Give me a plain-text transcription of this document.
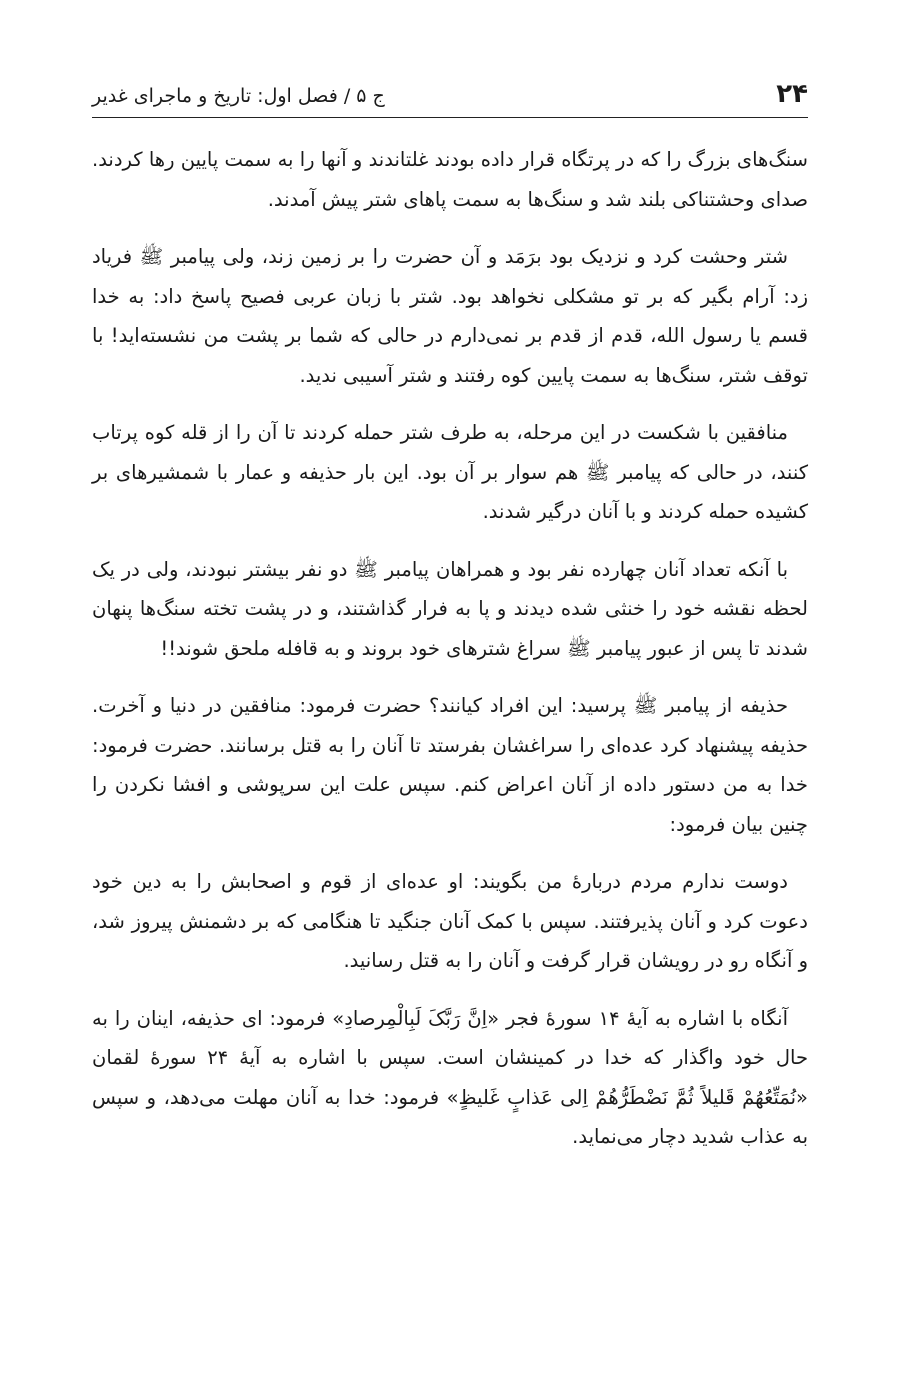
۲۴
ج ۵ / فصل اول: تاریخ و ماجرای غدیر

سنگ‌های بزرگ را که در پرتگاه قرار داده بودند غلتاندند و آنها را به سمت پایین رها کردند. صدای وحشتناکی بلند شد و سنگ‌ها به سمت پاهای شتر پیش آمدند.

شتر وحشت کرد و نزدیک بود برَمَد و آن حضرت را بر زمین زند، ولی پیامبر ﷺ فریاد زد: آرام بگیر که بر تو مشکلی نخواهد بود. شتر با زبان عربی فصیح پاسخ داد: به خدا قسم یا رسول الله، قدم از قدم بر نمی‌دارم در حالی که شما بر پشت من نشسته‌اید! با توقف شتر، سنگ‌ها به سمت پایین کوه رفتند و شتر آسیبی ندید.

منافقین با شکست در این مرحله، به طرف شتر حمله کردند تا آن را از قله کوه پرتاب کنند، در حالی که پیامبر ﷺ هم سوار بر آن بود. این بار حذیفه و عمار با شمشیرهای بر کشیده حمله کردند و با آنان درگیر شدند.

با آنکه تعداد آنان چهارده نفر بود و همراهان پیامبر ﷺ دو نفر بیشتر نبودند، ولی در یک لحظه نقشه خود را خنثی شده دیدند و پا به فرار گذاشتند، و در پشت تخته سنگ‌ها پنهان شدند تا پس از عبور پیامبر ﷺ سراغ شترهای خود بروند و به قافله ملحق شوند!!

حذیفه از پیامبر ﷺ پرسید: این افراد کیانند؟ حضرت فرمود: منافقین در دنیا و آخرت. حذیفه پیشنهاد کرد عده‌ای را سراغشان بفرستد تا آنان را به قتل برسانند. حضرت فرمود: خدا به من دستور داده از آنان اعراض کنم. سپس علت این سرپوشی و افشا نکردن را چنین بیان فرمود:

دوست ندارم مردم دربارهٔ من بگویند: او عده‌ای از قوم و اصحابش را به دین خود دعوت کرد و آنان پذیرفتند. سپس با کمک آنان جنگید تا هنگامی که بر دشمنش پیروز شد، و آنگاه رو در رویشان قرار گرفت و آنان را به قتل رسانید.

آنگاه با اشاره به آیهٔ ۱۴ سورهٔ فجر «اِنَّ رَبَّکَ لَبِالْمِرصادِ» فرمود: ای حذیفه، اینان را به حال خود واگذار که خدا در کمینشان است. سپس با اشاره به آیهٔ ۲۴ سورهٔ لقمان «نُمَتِّعُهُمْ قَلیلاً ثُمَّ نَضْطَرُّهُمْ اِلی عَذابٍ غَلیظٍ» فرمود: خدا به آنان مهلت می‌دهد، و سپس به عذاب شدید دچار می‌نماید.
